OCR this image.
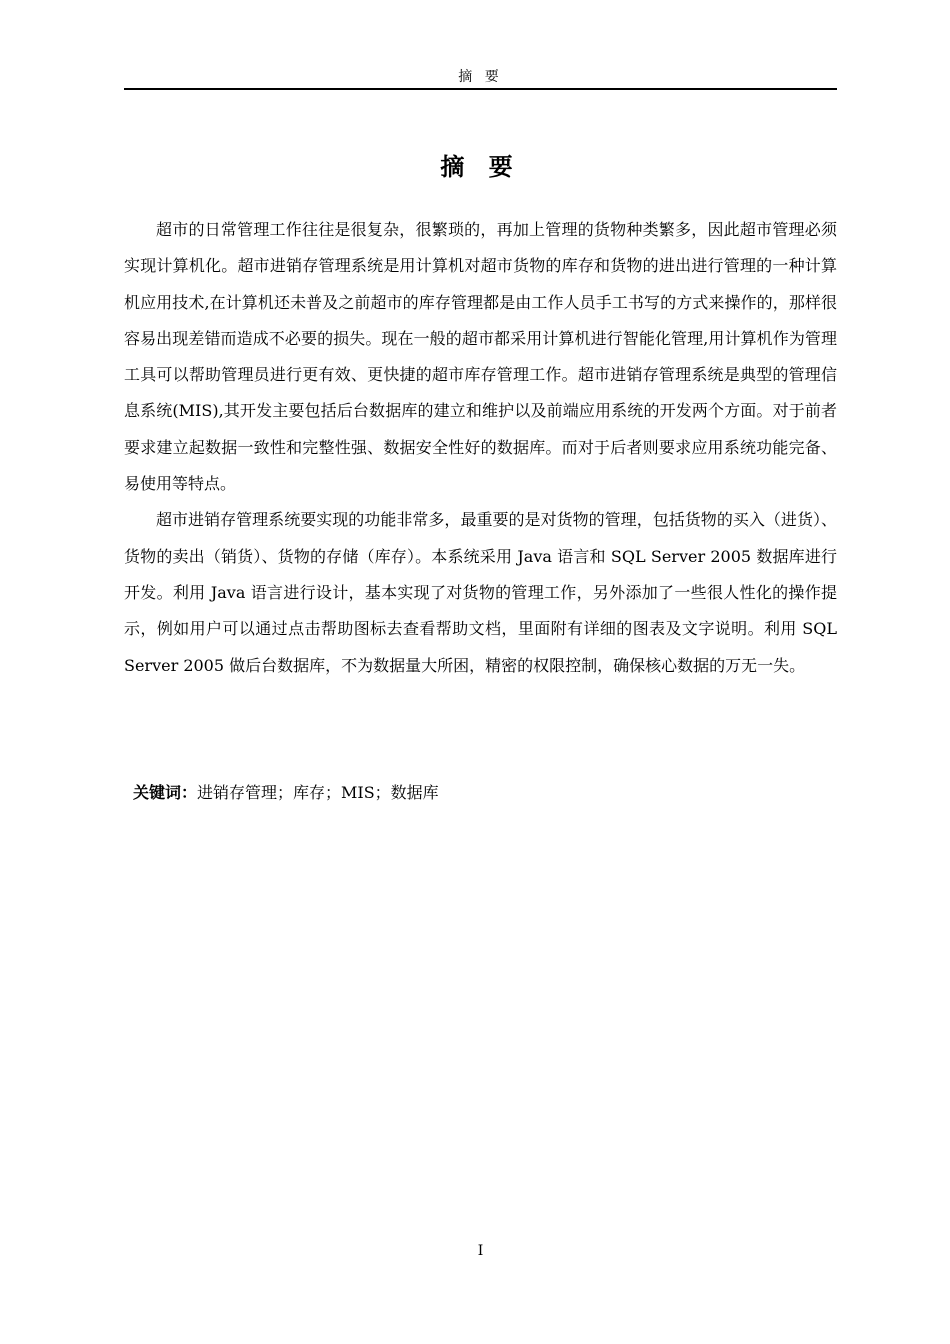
摘 要
摘 要

超市的日常管理工作往往是很复杂，很繁琐的，再加上管理的货物种类繁多，因此超市管理必须实现计算机化。超市进销存管理系统是用计算机对超市货物的库存和货物的进出进行管理的一种计算机应用技术,在计算机还未普及之前超市的库存管理都是由工作人员手工书写的方式来操作的，那样很容易出现差错而造成不必要的损失。现在一般的超市都采用计算机进行智能化管理,用计算机作为管理工具可以帮助管理员进行更有效、更快捷的超市库存管理工作。超市进销存管理系统是典型的管理信息系统(MIS),其开发主要包括后台数据库的建立和维护以及前端应用系统的开发两个方面。对于前者要求建立起数据一致性和完整性强、数据安全性好的数据库。而对于后者则要求应用系统功能完备、易使用等特点。

超市进销存管理系统要实现的功能非常多，最重要的是对货物的管理，包括货物的买入（进货）、货物的卖出（销货）、货物的存储（库存）。本系统采用 Java 语言和 SQL Server 2005 数据库进行开发。利用 Java 语言进行设计，基本实现了对货物的管理工作，另外添加了一些很人性化的操作提示，例如用户可以通过点击帮助图标去查看帮助文档，里面附有详细的图表及文字说明。利用 SQL Server 2005 做后台数据库，不为数据量大所困，精密的权限控制，确保核心数据的万无一失。

关键词：进销存管理；库存；MIS；数据库
I
